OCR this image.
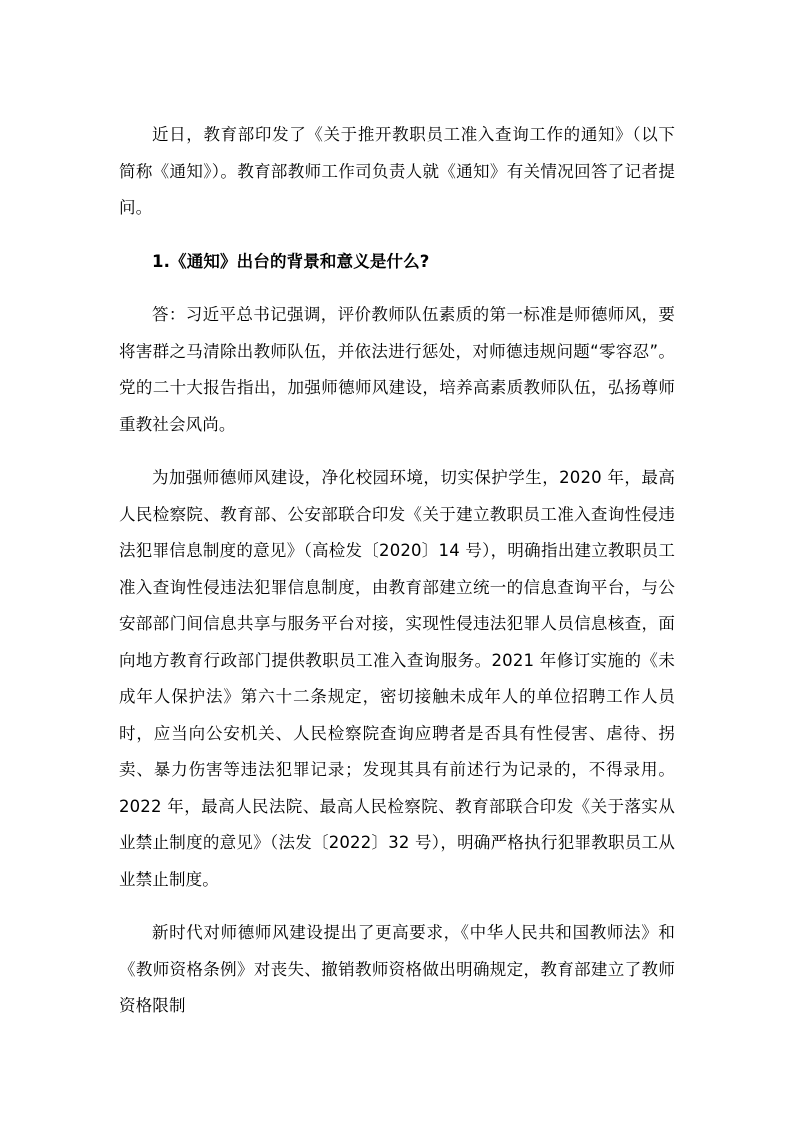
近日，教育部印发了《关于推开教职员工准入查询工作的通知》（以下简称《通知》）。教育部教师工作司负责人就《通知》有关情况回答了记者提问。

1.《通知》出台的背景和意义是什么?

答：习近平总书记强调，评价教师队伍素质的第一标准是师德师风，要将害群之马清除出教师队伍，并依法进行惩处，对师德违规问题“零容忍”。党的二十大报告指出，加强师德师风建设，培养高素质教师队伍，弘扬尊师重教社会风尚。

为加强师德师风建设，净化校园环境，切实保护学生，2020 年，最高人民检察院、教育部、公安部联合印发《关于建立教职员工准入查询性侵违法犯罪信息制度的意见》（高检发〔2020〕14 号），明确指出建立教职员工准入查询性侵违法犯罪信息制度，由教育部建立统一的信息查询平台，与公安部部门间信息共享与服务平台对接，实现性侵违法犯罪人员信息核查，面向地方教育行政部门提供教职员工准入查询服务。2021 年修订实施的《未成年人保护法》第六十二条规定，密切接触未成年人的单位招聘工作人员时，应当向公安机关、人民检察院查询应聘者是否具有性侵害、虐待、拐卖、暴力伤害等违法犯罪记录；发现其具有前述行为记录的，不得录用。2022 年，最高人民法院、最高人民检察院、教育部联合印发《关于落实从业禁止制度的意见》（法发〔2022〕32 号），明确严格执行犯罪教职员工从业禁止制度。

新时代对师德师风建设提出了更高要求，《中华人民共和国教师法》和《教师资格条例》对丧失、撤销教师资格做出明确规定，教育部建立了教师资格限制
